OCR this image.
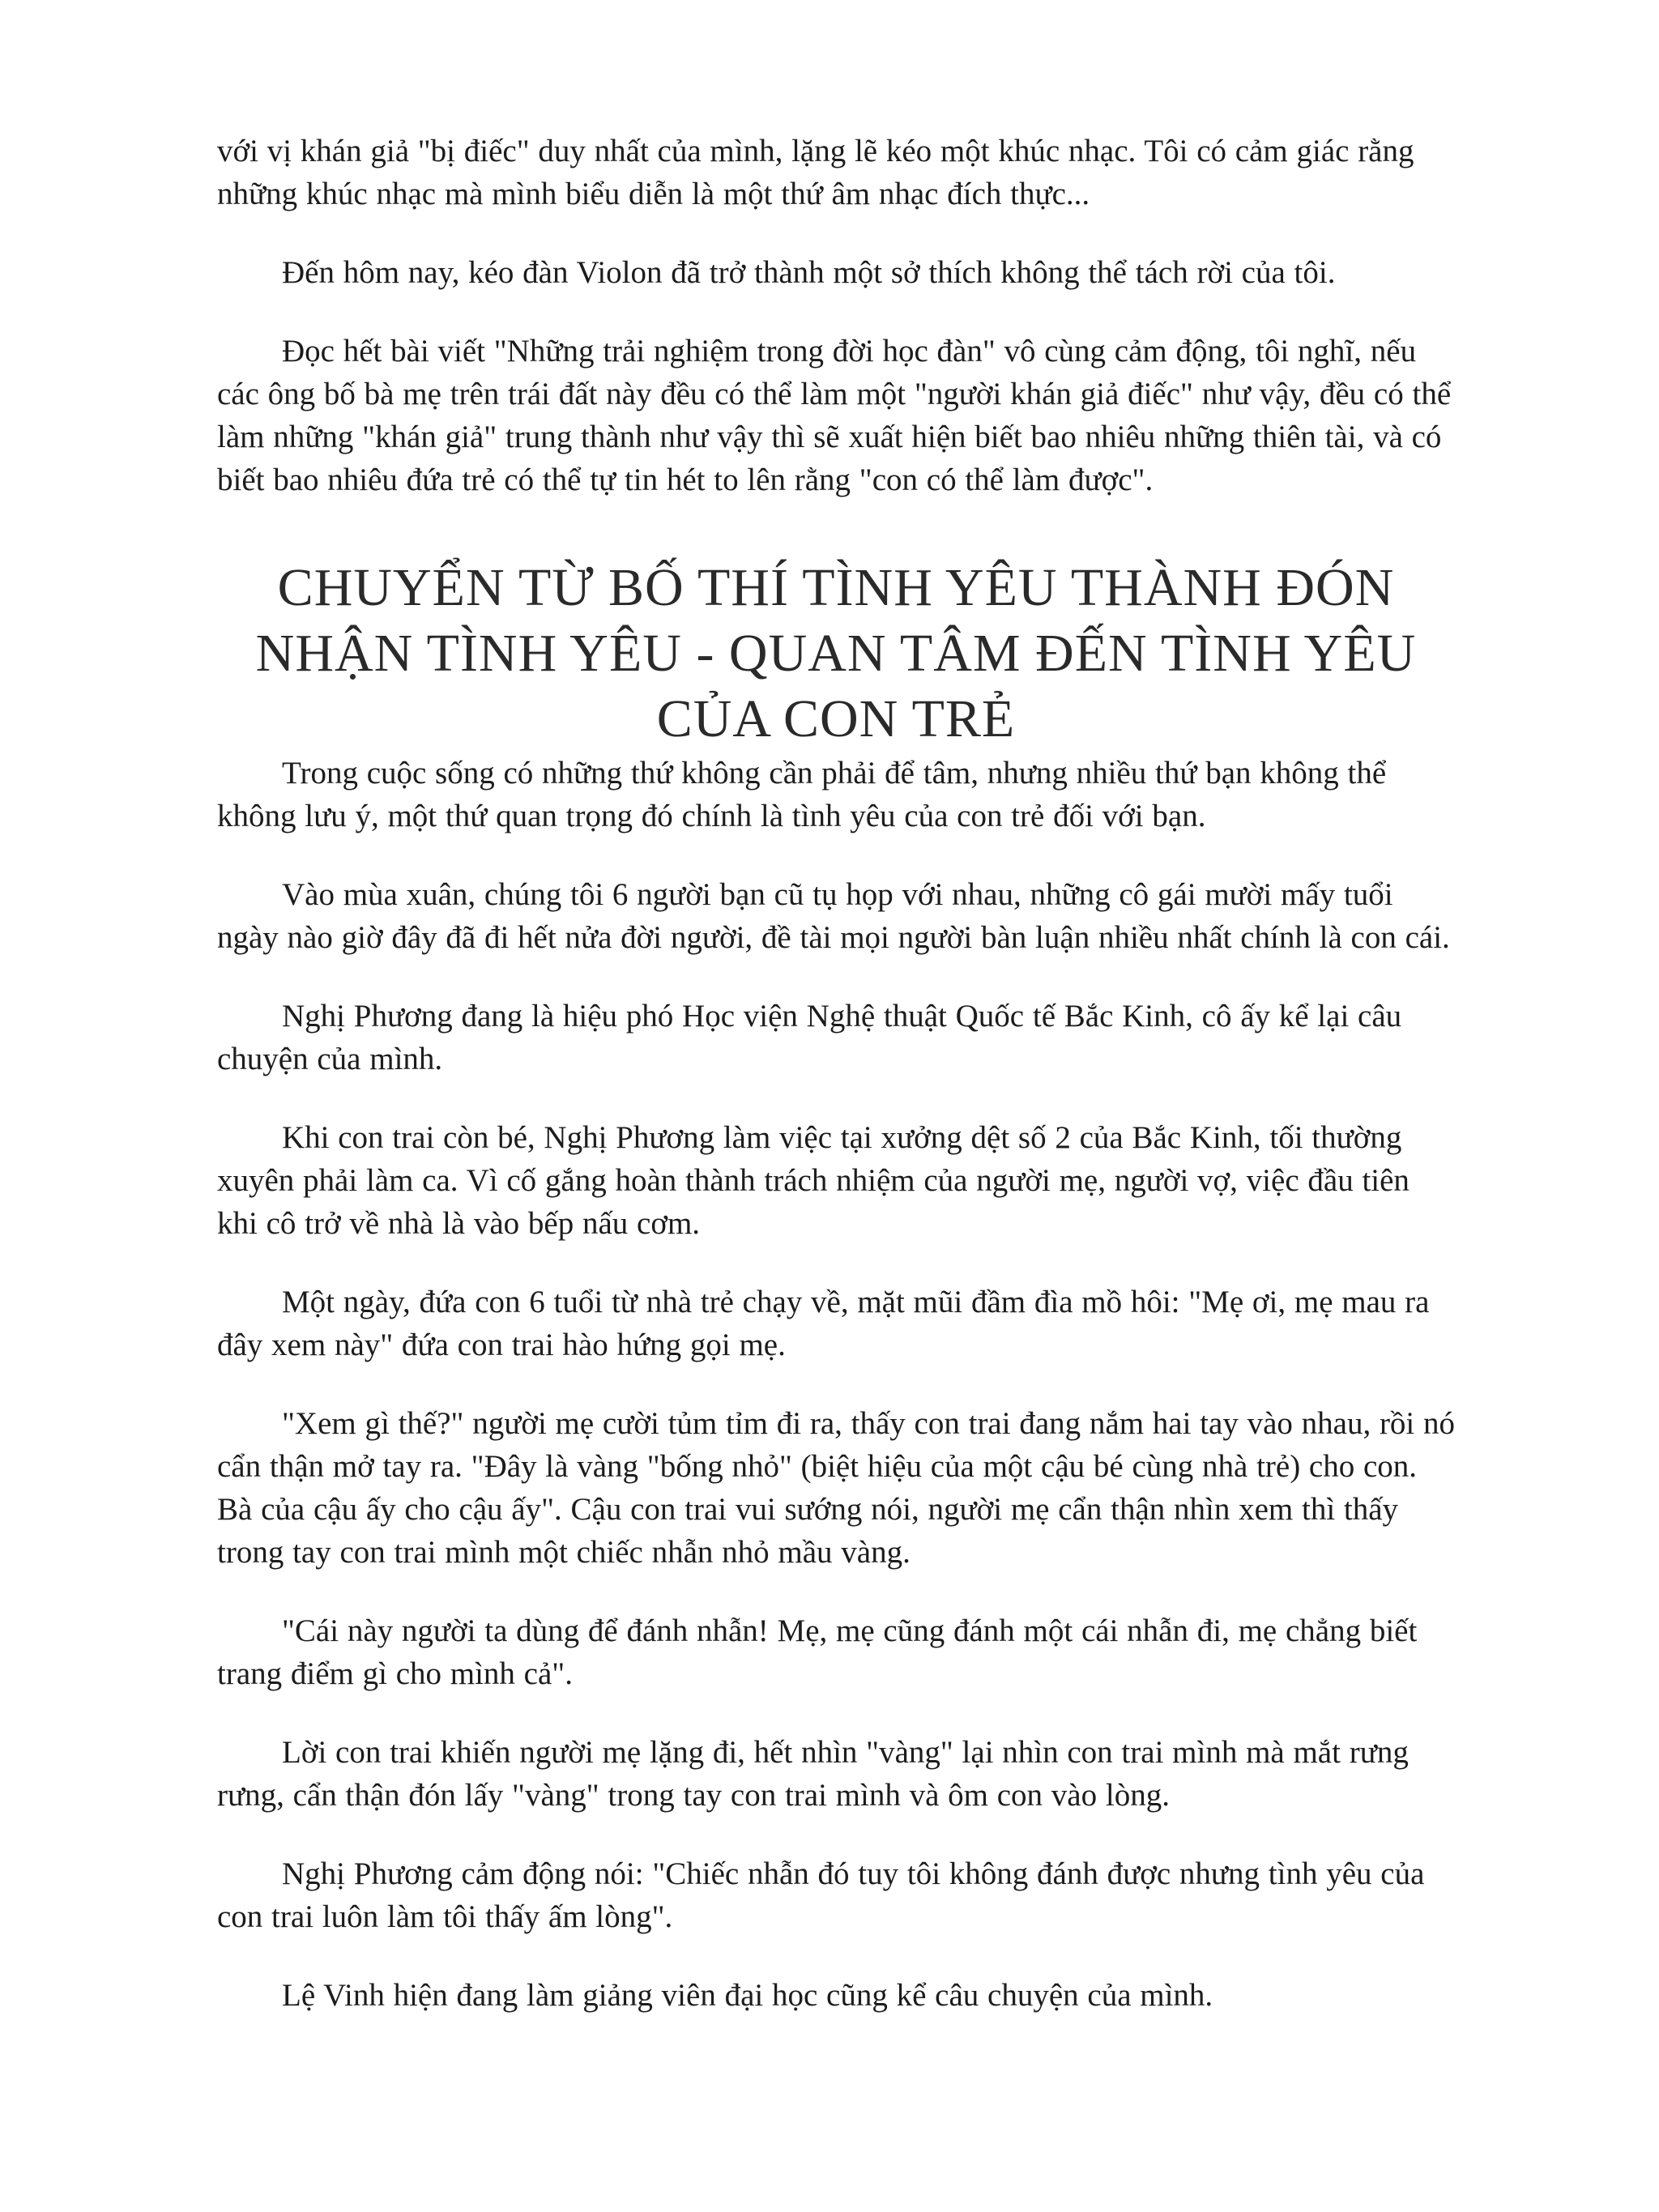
với vị khán giả "bị điếc" duy nhất của mình, lặng lẽ kéo một khúc nhạc. Tôi có cảm giác rằng những khúc nhạc mà mình biểu diễn là một thứ âm nhạc đích thực...

Đến hôm nay, kéo đàn Violon đã trở thành một sở thích không thể tách rời của tôi.

Đọc hết bài viết "Những trải nghiệm trong đời học đàn" vô cùng cảm động, tôi nghĩ, nếu các ông bố bà mẹ trên trái đất này đều có thể làm một "người khán giả điếc" như vậy, đều có thể làm những "khán giả" trung thành như vậy thì sẽ xuất hiện biết bao nhiêu những thiên tài, và có biết bao nhiêu đứa trẻ có thể tự tin hét to lên rằng "con có thể làm được".

CHUYỂN TỪ BỐ THÍ TÌNH YÊU THÀNH ĐÓN NHẬN TÌNH YÊU - QUAN TÂM ĐẾN TÌNH YÊU CỦA CON TRẺ

Trong cuộc sống có những thứ không cần phải để tâm, nhưng nhiều thứ bạn không thể không lưu ý, một thứ quan trọng đó chính là tình yêu của con trẻ đối với bạn.

Vào mùa xuân, chúng tôi 6 người bạn cũ tụ họp với nhau, những cô gái mười mấy tuổi ngày nào giờ đây đã đi hết nửa đời người, đề tài mọi người bàn luận nhiều nhất chính là con cái.

Nghị Phương đang là hiệu phó Học viện Nghệ thuật Quốc tế Bắc Kinh, cô ấy kể lại câu chuyện của mình.

Khi con trai còn bé, Nghị Phương làm việc tại xưởng dệt số 2 của Bắc Kinh, tối thường xuyên phải làm ca. Vì cố gắng hoàn thành trách nhiệm của người mẹ, người vợ, việc đầu tiên khi cô trở về nhà là vào bếp nấu cơm.

Một ngày, đứa con 6 tuổi từ nhà trẻ chạy về, mặt mũi đầm đìa mồ hôi: "Mẹ ơi, mẹ mau ra đây xem này" đứa con trai hào hứng gọi mẹ.

"Xem gì thế?" người mẹ cười tủm tỉm đi ra, thấy con trai đang nắm hai tay vào nhau, rồi nó cẩn thận mở tay ra. "Đây là vàng "bống nhỏ" (biệt hiệu của một cậu bé cùng nhà trẻ) cho con. Bà của cậu ấy cho cậu ấy". Cậu con trai vui sướng nói, người mẹ cẩn thận nhìn xem thì thấy trong tay con trai mình một chiếc nhẫn nhỏ mầu vàng.

"Cái này người ta dùng để đánh nhẫn! Mẹ, mẹ cũng đánh một cái nhẫn đi, mẹ chẳng biết trang điểm gì cho mình cả".

Lời con trai khiến người mẹ lặng đi, hết nhìn "vàng" lại nhìn con trai mình mà mắt rưng rưng, cẩn thận đón lấy "vàng" trong tay con trai mình và ôm con vào lòng.

Nghị Phương cảm động nói: "Chiếc nhẫn đó tuy tôi không đánh được nhưng tình yêu của con trai luôn làm tôi thấy ấm lòng".

Lệ Vinh hiện đang làm giảng viên đại học cũng kể câu chuyện của mình.
